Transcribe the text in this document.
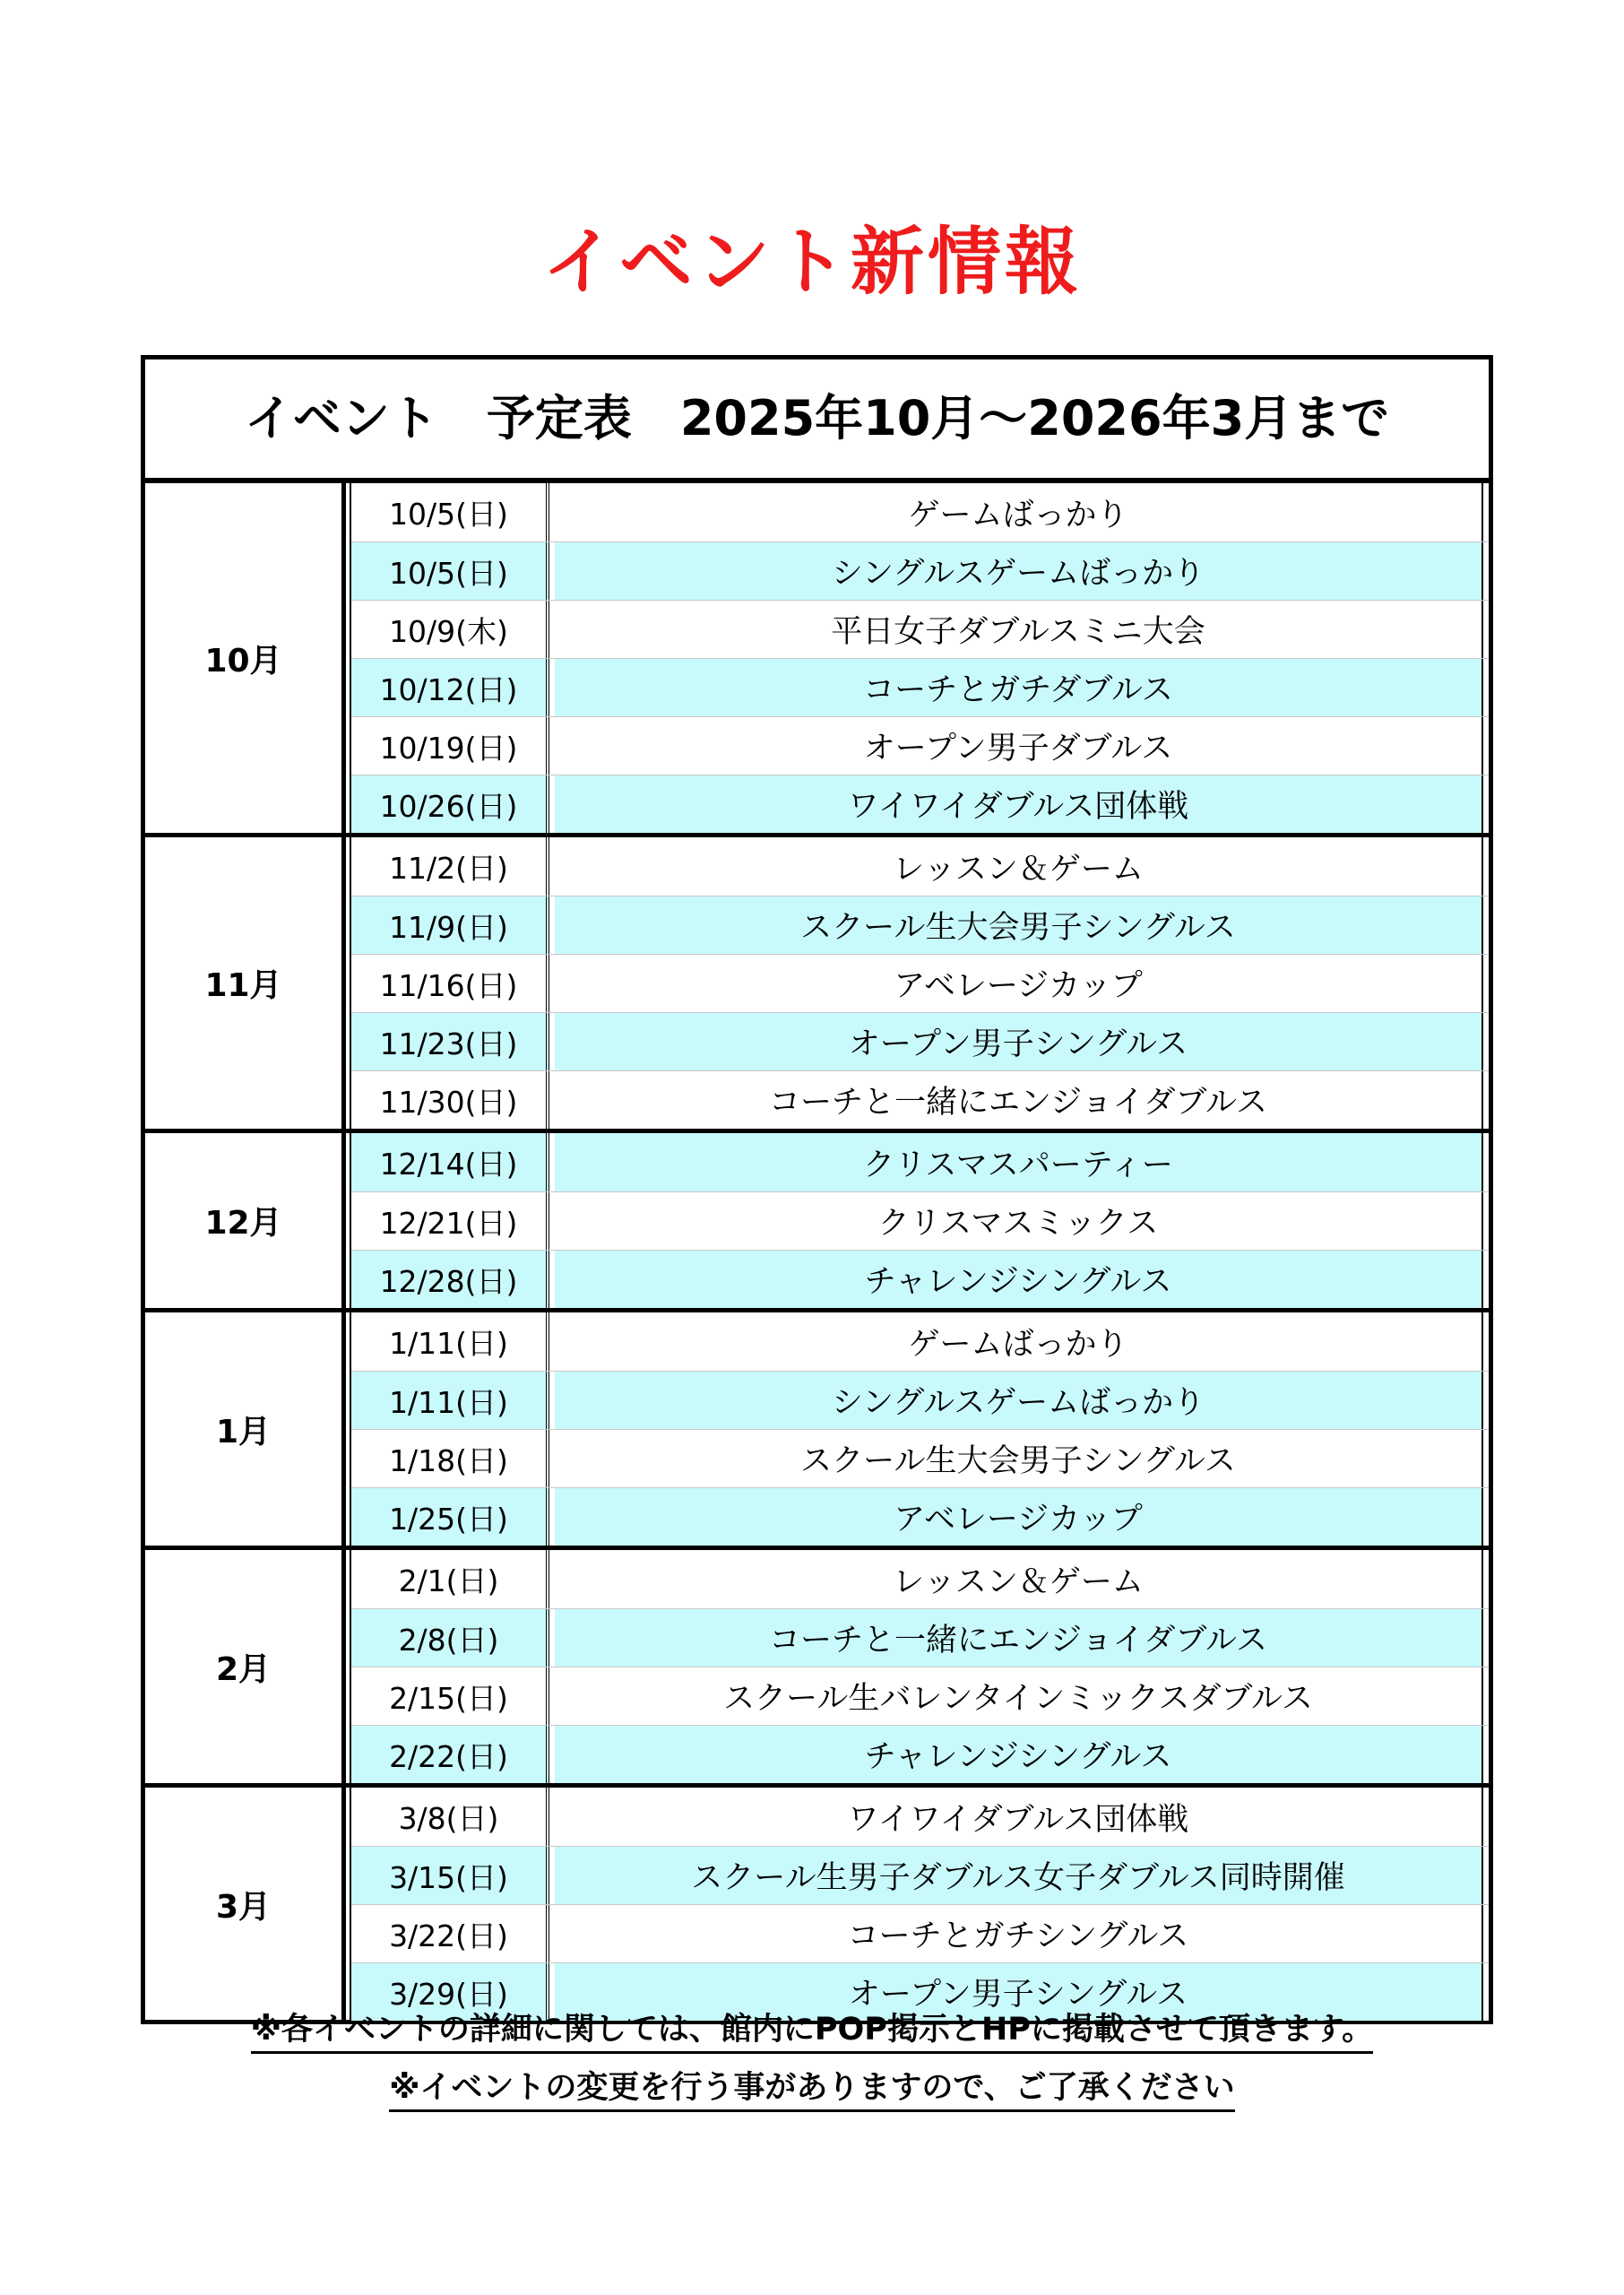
イベント新情報
イベント　予定表　2025年10月～2026年3月まで
10月
10/5(日)	ゲームばっかり
10/5(日)	シングルスゲームばっかり
10/9(木)	平日女子ダブルスミニ大会
10/12(日)	コーチとガチダブルス
10/19(日)	オープン男子ダブルス
10/26(日)	ワイワイダブルス団体戦
11月
11/2(日)	レッスン＆ゲーム
11/9(日)	スクール生大会男子シングルス
11/16(日)	アベレージカップ
11/23(日)	オープン男子シングルス
11/30(日)	コーチと一緒にエンジョイダブルス
12月
12/14(日)	クリスマスパーティー
12/21(日)	クリスマスミックス
12/28(日)	チャレンジシングルス
1月
1/11(日)	ゲームばっかり
1/11(日)	シングルスゲームばっかり
1/18(日)	スクール生大会男子シングルス
1/25(日)	アベレージカップ
2月
2/1(日)	レッスン＆ゲーム
2/8(日)	コーチと一緒にエンジョイダブルス
2/15(日)	スクール生バレンタインミックスダブルス
2/22(日)	チャレンジシングルス
3月
3/8(日)	ワイワイダブルス団体戦
3/15(日)	スクール生男子ダブルス女子ダブルス同時開催
3/22(日)	コーチとガチシングルス
3/29(日)	オープン男子シングルス
※各イベントの詳細に関しては、館内にPOP掲示とHPに掲載させて頂きます。
※イベントの変更を行う事がありますので、ご了承ください
